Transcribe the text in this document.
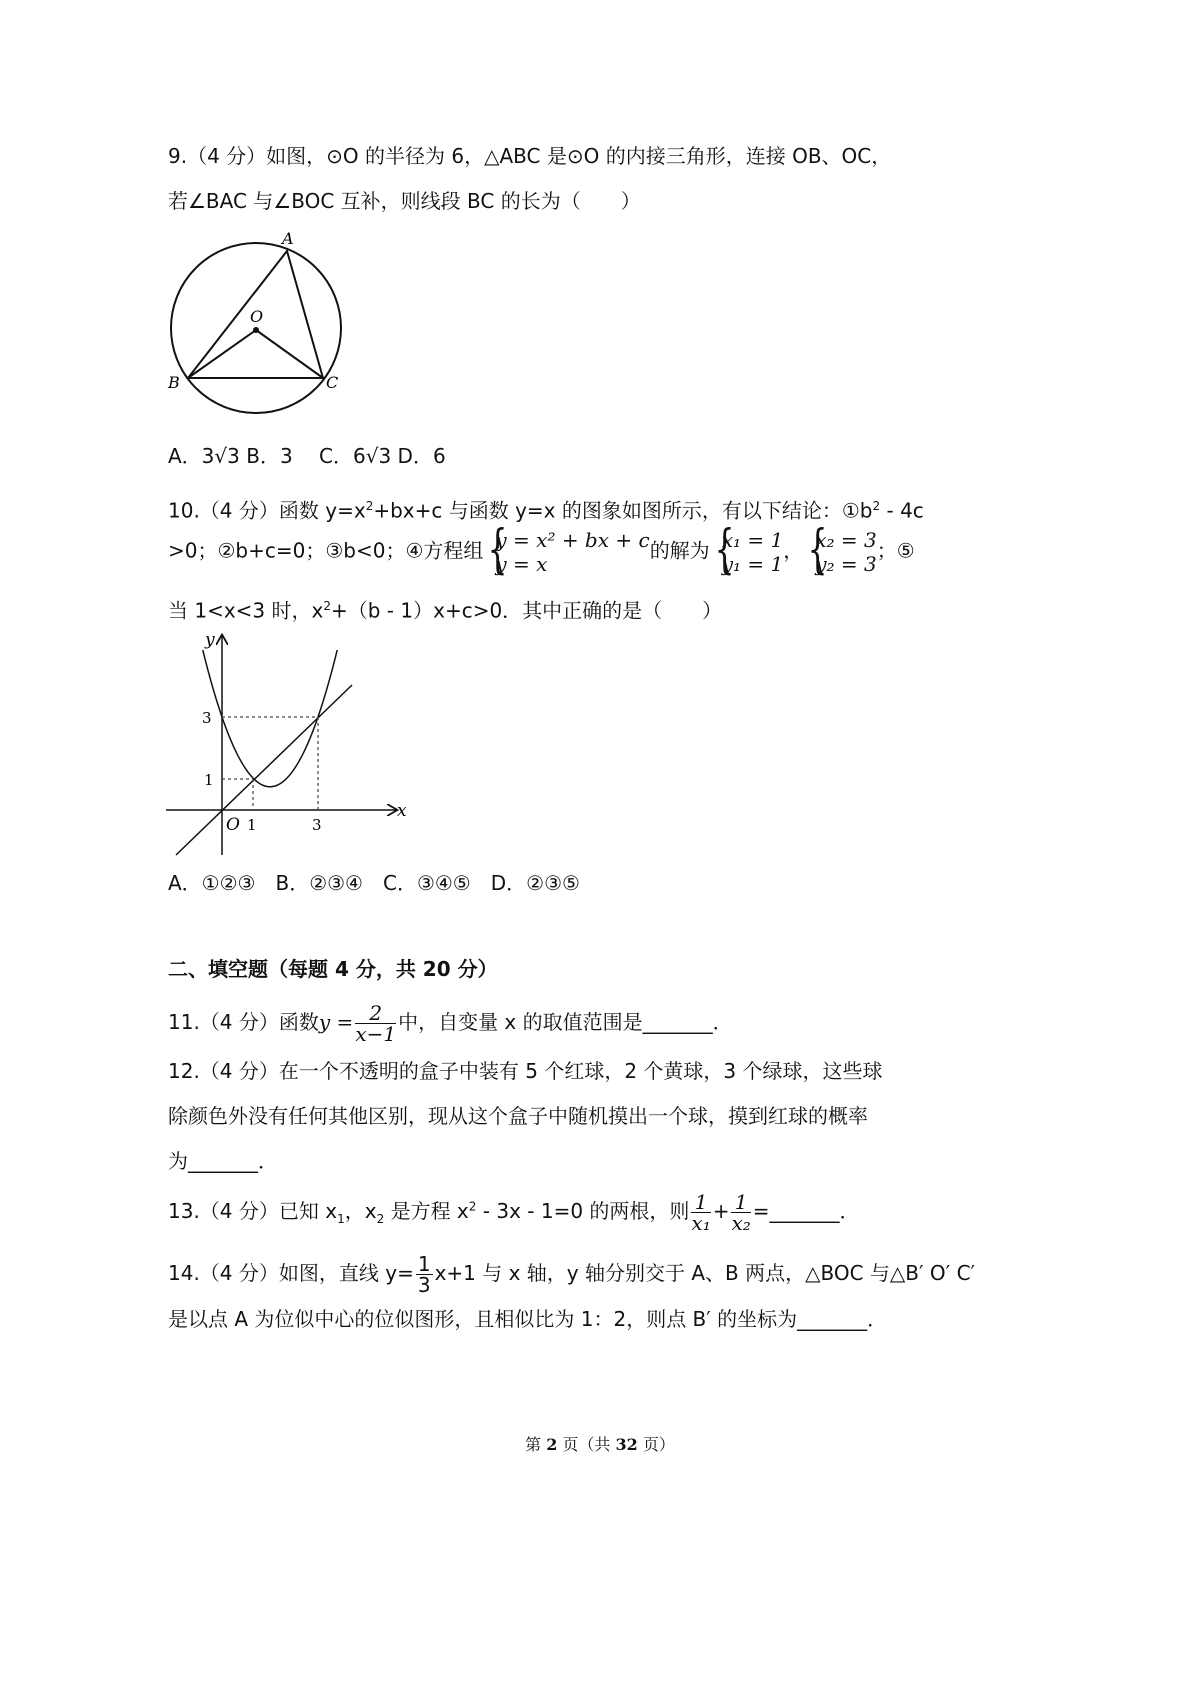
9.（4 分）如图，⊙O 的半径为 6，△ABC 是⊙O 的内接三角形，连接 OB、OC，
若∠BAC 与∠BOC 互补，则线段 BC 的长为（　　）
A
B	C
O
A．3√3 B．3　 C．6√3 D．6
10.（4 分）函数 $y=x^2+bx+c$ 与函数 y=x 的图象如图所示，有以下结论：$①b^2 - 4c$
>0；②b+c=0；③b<0；④方程组 { y = x² + bx + c
y = x
的解为 { x₁ = 1
y₁ = 1
， { x₂ = 3
y₂ = 3
；⑤
当 1<x<3 时，$x^2+(b - 1)x+c>0$．其中正确的是（　　）
y
x
O 1	3
1
3
A．①②③　B．②③④　C．③④⑤　D．②③⑤
二、填空题（每题 4 分，共 20 分）
11.（4 分）函数$y = \frac{2}{x-1}$ 中，自变量 x 的取值范围是_______．
12.（4 分）在一个不透明的盒子中装有 5 个红球，2 个黄球，3 个绿球，这些球
除颜色外没有任何其他区别，现从这个盒子中随机摸出一个球，摸到红球的概率
为_______．
13.（4 分）已知 $x_1$，$x_2$ 是方程 $x^2 - 3x - 1=0$ 的两根，则 $\frac{1}{\text{x₁}} + \frac{1}{\text{x₂}}$ =_______．
14.（4 分）如图，直线 $y= \frac{1}{3} x+1$ 与 x 轴，y 轴分别交于 A、B 两点，△BOC 与△B′ O′ C′
是以点 A 为位似中心的位似图形，且相似比为 1：2，则点 B′ 的坐标为_______．
第 2 页（共 32 页）
